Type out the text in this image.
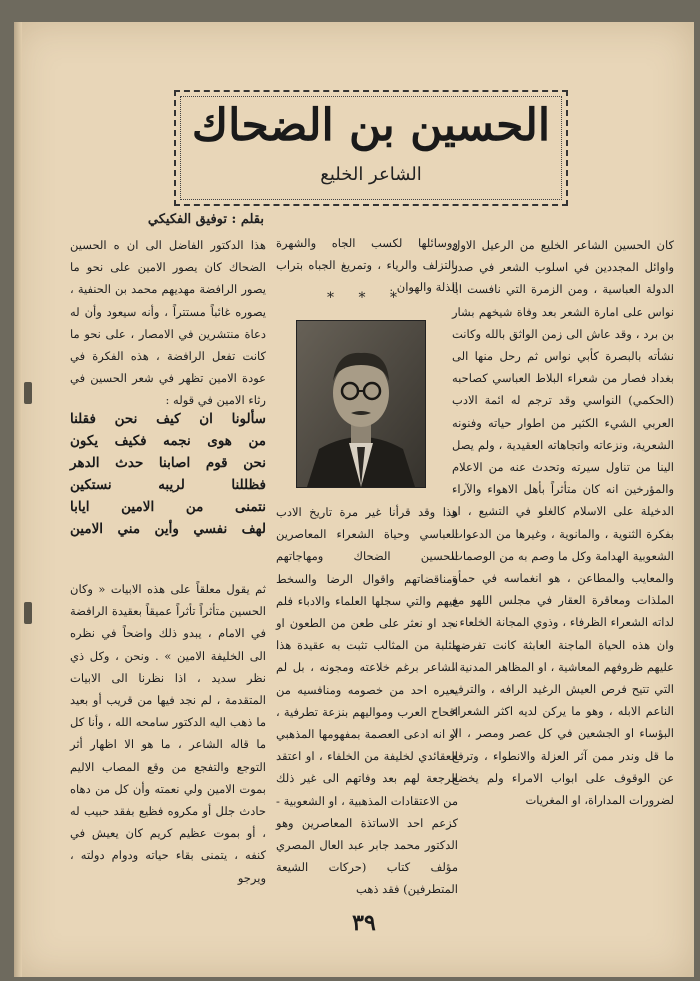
الحسين بن الضحاك
الشاعر الخليع
بقلم : توفيق الفكيكي
كان الحسين الشاعر الخليع من الرعيل الاول واوائل المجددين في اسلوب الشعر في صدر الدولة العباسية ، ومن الزمرة التي نافست ابا نواس على امارة الشعر بعد وفاة شيخهم بشار بن برد ، وقد عاش الى زمن الواثق بالله وكانت نشأته بالبصرة كأبي نواس ثم رحل منها الى بغداد فصار من شعراء البلاط العباسي كصاحبه (الحكمي) النواسي وقد ترجم له ائمة الادب العربي الشيء الكثير من اطوار حياته وفنونه الشعرية، ونزعاته واتجاهاته العقيدية ، ولم يصل الينا من تناول سيرته وتحدث عنه من الاعلام والمؤرخين انه كان متأثراً بأهل الاهواء والآراء الدخيلة على الاسلام كالغلو في التشيع ، او بفكرة الثنوية ، والمانوية ، وغيرها من الدعوات الشعوبية الهدامة وكل ما وصم به من الوصمات والمعايب والمطاعن ، هو انغماسه في حمأة الملذات ومعاقرة العقار في مجلس اللهو مع لداته الشعراء الظرفاء ، وذوي المجانة الخلعاء ، وان هذه الحياة الماجنة العابثة كانت تفرضها عليهم ظروفهم المعاشية ، او المظاهر المدنية ، التي تتيح فرص العيش الرغيد الرافه ، والترف الناعم الابله ، وهو ما يركن لديه اكثر الشعراء البؤساء او الجشعين في كل عصر ومصر ، الا ما قل وندر ممن آثر العزلة والانطواء ، وترفع عن الوقوف على ابواب الامراء ولم يخضع لضرورات المداراة، او المغريات
ووسائلها لكسب الجاه والشهرة بالتزلف والرياء ، وتمريغ الجباه بتراب الذلة والهوان .
* * *
هذا وقد قرأنا غير مرة تاريخ الادب العباسي وحياة الشعراء المعاصرين للحسين الضحاك ومهاجاتهم ومناقضاتهم واقوال الرضا والسخط فيهم والتي سجلها العلماء والادباء فلم نجد او نعثر على طعن من الطعون او مثلبة من المثالب تثبت به عقيدة هذا الشاعر برغم خلاعته ومجونه ، بل لم يعيره احد من خصومه ومنافسيه من اقحاح العرب ومواليهم بنزعة تطرفية ، او انه ادعى العصمة بمفهومها المذهبي العقائدي لخليفة من الخلفاء ، او اعتقد الرجعة لهم بعد وفاتهم الى غير ذلك من الاعتقادات المذهبية ، او الشعوبية - كزعم احد الاساتذة المعاصرين وهو الدكتور محمد جابر عبد العال المصري مؤلف كتاب (حركات الشيعة المتطرفين) فقد ذهب
هذا الدكتور الفاضل الى ان ه الحسين الضحاك كان يصور الامين على نحو ما يصور الرافضة مهديهم محمد بن الحنفية ، يصوره غائباً مستتراً ، وأنه سيعود وأن له دعاة منتشرين في الامصار ، على نحو ما كانت تفعل الرافضة ، هذه الفكرة في عودة الامين تظهر في شعر الحسين في رثاء الامين في قوله :
سألونا ان كيف نحن فقلنا
من هوى نجمه فكيف يكون
نحن قوم اصابنا حدث الدهر
فظللنا لريبه نستكين
نتمنى من الامين ايابا
لهف نفسي وأين مني الامين
ثم يقول معلقاً على هذه الابيات « وكان الحسين متأثراً تأثراً عميقاً بعقيدة الرافضة في الامام ، يبدو ذلك واضحاً في نظره الى الخليفة الامين » . ونحن ، وكل ذي نظر سديد ، اذا نظرنا الى الابيات المتقدمة ، لم نجد فيها من قريب أو بعيد ما ذهب اليه الدكتور سامحه الله ، وأنا كل ما قاله الشاعر ، ما هو الا اظهار أثر التوجع والتفجع من وقع المصاب الاليم بموت الامين ولي نعمته وأن كل من دهاه حادث جلل أو مكروه فظيع بفقد حبيب له ، أو بموت عظيم كريم كان يعيش في كنفه ، يتمنى بقاء حياته ودوام دولته ، ويرجو
٣٩
